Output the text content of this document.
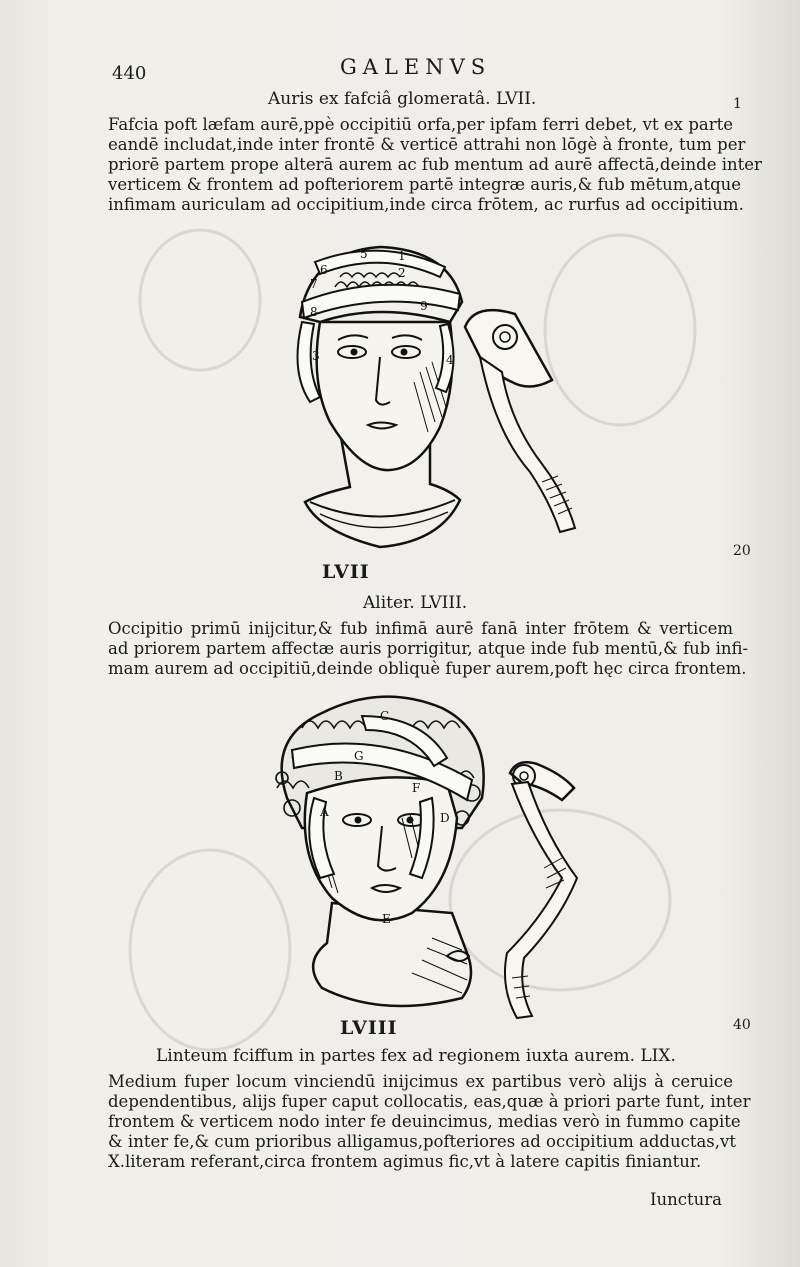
440	GALENVS
1
20
40
Auris ex fafciâ glomeratâ. LVII.
Fafcia poft læfam aurē,ppè occipitiū orfa,per ipfam ferri debet, vt ex parte
eandē includat,inde inter frontē & verticē attrahi non lōgè à fronte, tum per
priorē partem prope alterā aurem ac fub mentum ad aurē affectā,deinde inter
verticem & frontem ad pofteriorem partē integræ auris,& fub mētum,atque
infimam auriculam ad occipitium,inde circa frōtem, ac rurfus ad occipitium.
1
2
3	4
5
6
7
8	9
LVII
Aliter. LVIII.
Occipitio primū inijcitur,& fub infimā aurē fanā inter frōtem & verticem
ad priorem partem affectæ auris porrigitur, atque inde fub mentū,& fub infi-
mam aurem ad occipitiū,deinde obliquè fuper aurem,poft hęc circa frontem.
A
B
C
D
E
F
G
LVIII
Linteum fciffum in partes fex ad regionem iuxta aurem. LIX.
Medium fuper locum vinciendū inijcimus ex partibus verò alijs à ceruice
dependentibus, alijs fuper caput collocatis, eas,quæ à priori parte funt, inter
frontem & verticem nodo inter fe deuincimus, medias verò in fummo capite
& inter fe,& cum prioribus alligamus,pofteriores ad occipitium adductas,vt
X.literam referant,circa frontem agimus fic,vt à latere capitis finiantur.
Iunctura
